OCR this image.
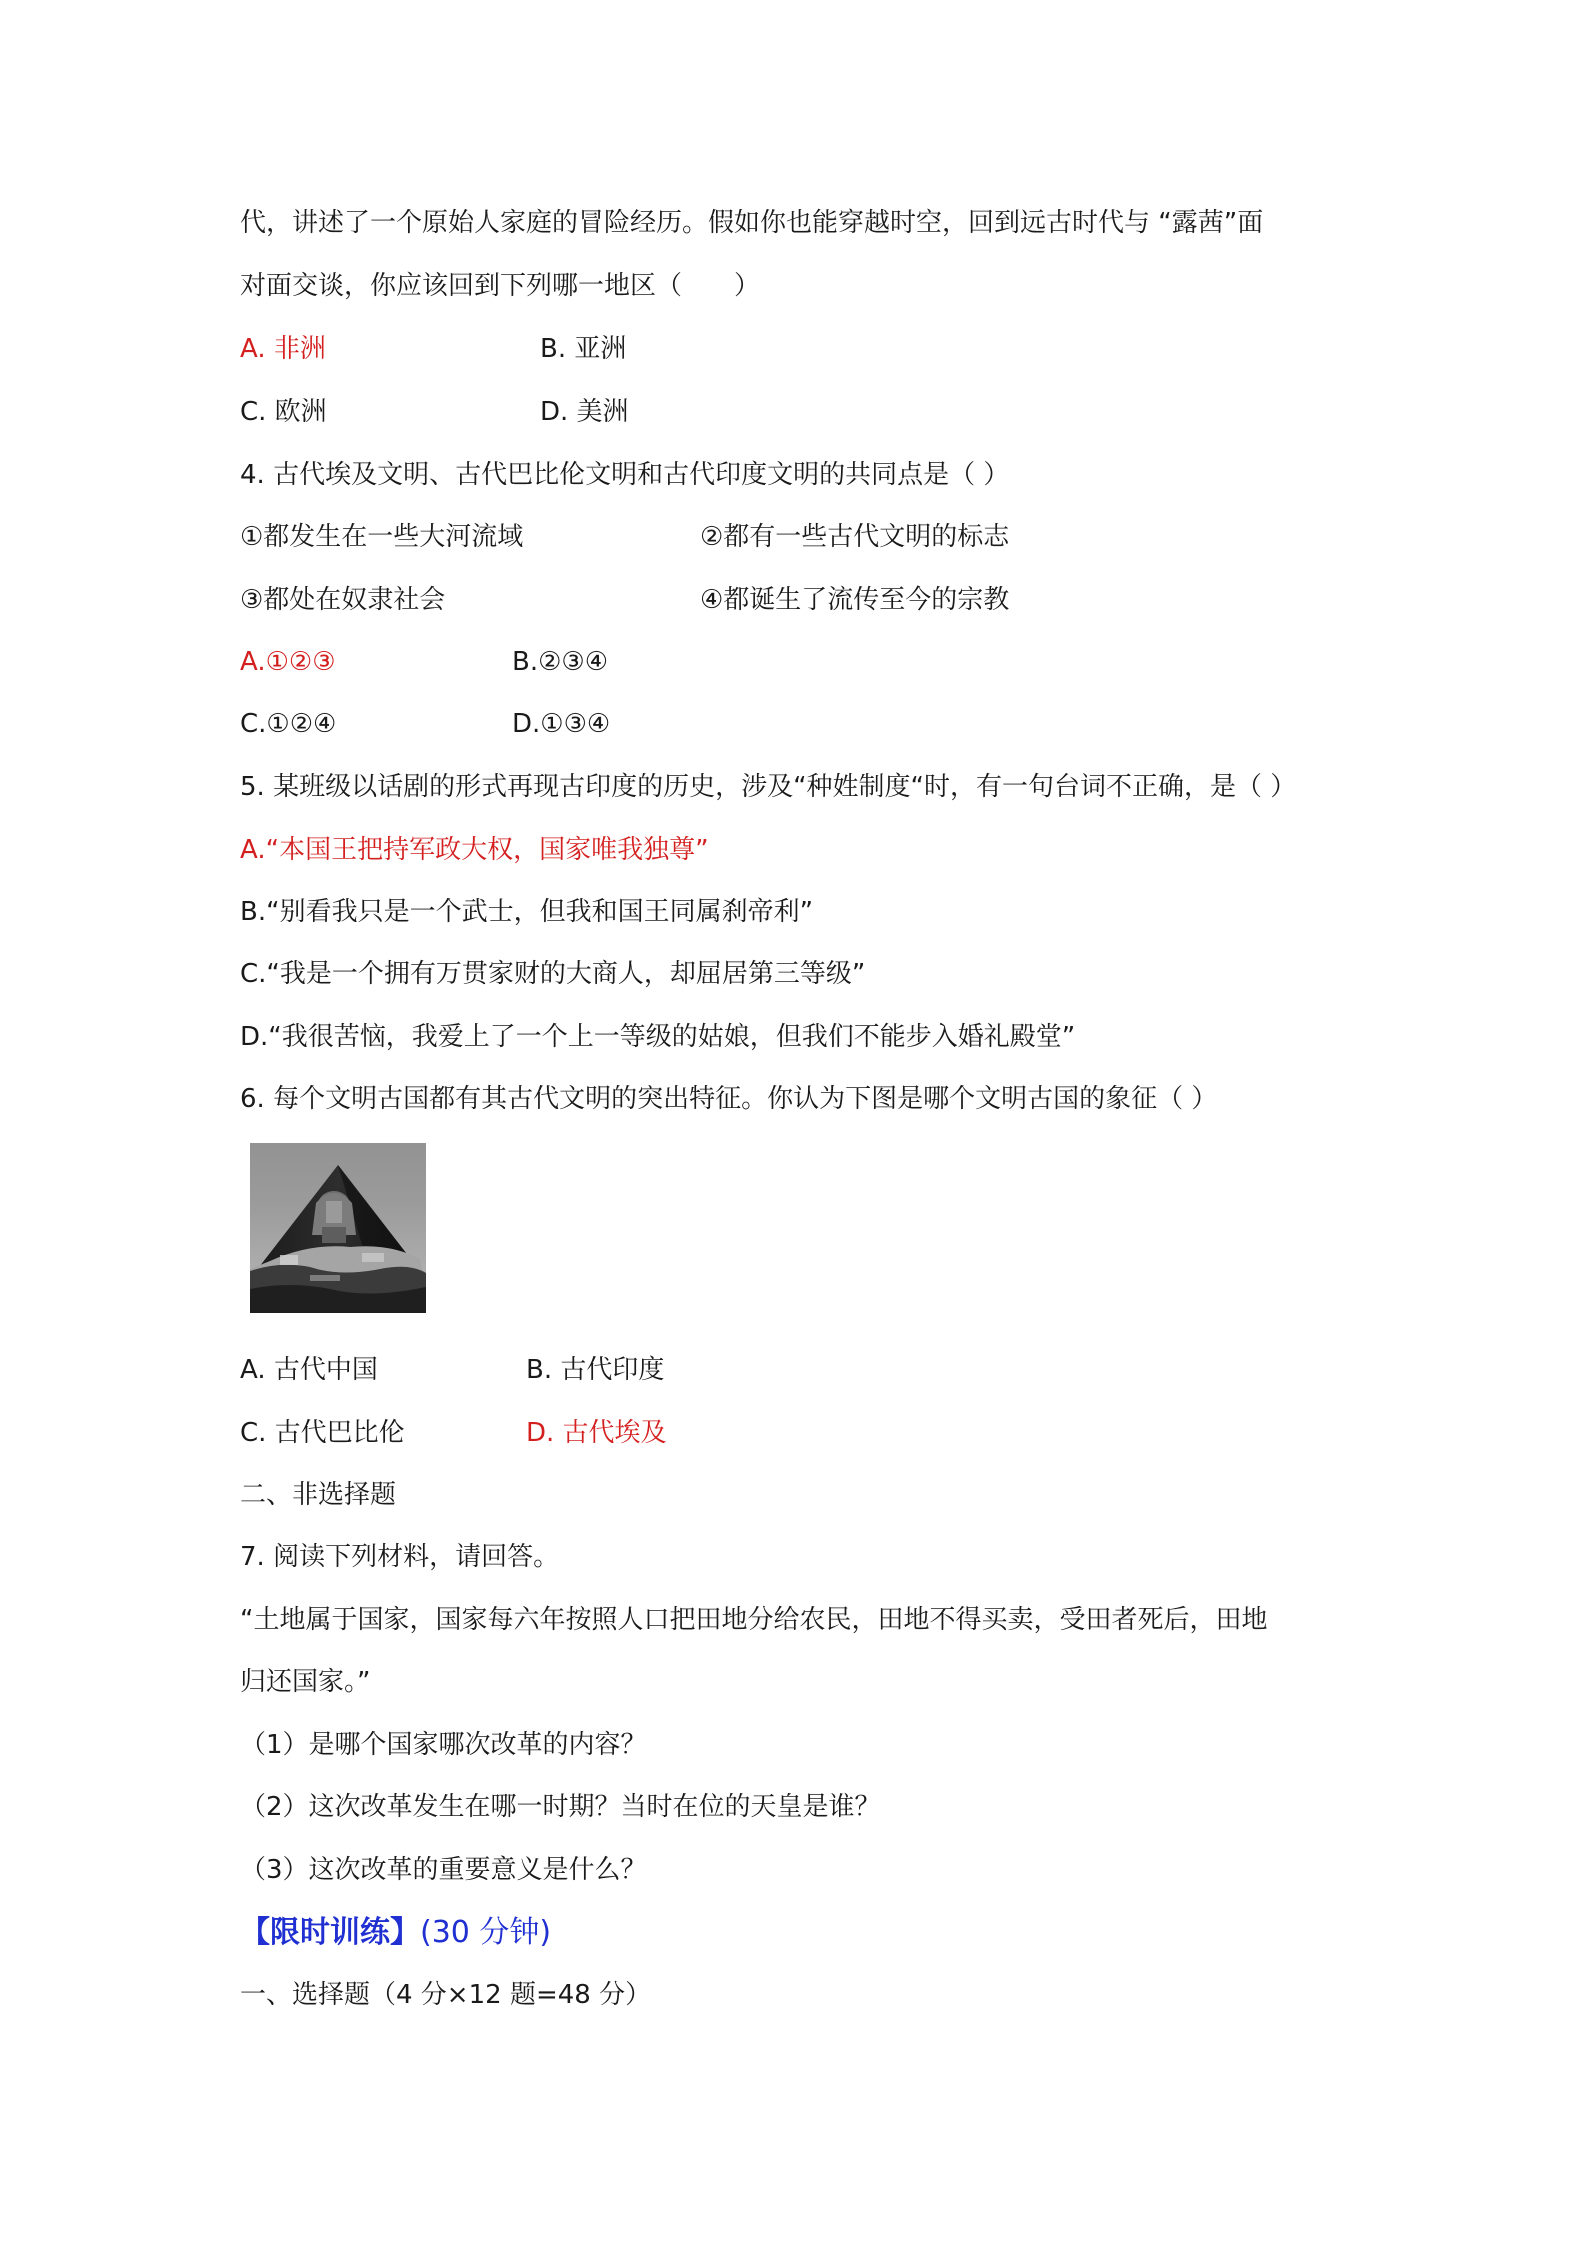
代，讲述了一个原始人家庭的冒险经历。假如你也能穿越时空，回到远古时代与 “露茜”面

对面交谈，你应该回到下列哪一地区（　　）

A. 非洲	B. 亚洲
C. 欧洲	D. 美洲

4. 古代埃及文明、古代巴比伦文明和古代印度文明的共同点是（ ）

①都发生在一些大河流域	②都有一些古代文明的标志
③都处在奴隶社会	④都诞生了流传至今的宗教
A.①②③	B.②③④
C.①②④	D.①③④

5. 某班级以话剧的形式再现古印度的历史，涉及“种姓制度“时，有一句台词不正确，是（ ）

A.“本国王把持军政大权，国家唯我独尊”

B.“别看我只是一个武士，但我和国王同属刹帝利”

C.“我是一个拥有万贯家财的大商人，却屈居第三等级”

D.“我很苦恼，我爱上了一个上一等级的姑娘，但我们不能步入婚礼殿堂”

6. 每个文明古国都有其古代文明的突出特征。你认为下图是哪个文明古国的象征（ ）

A. 古代中国	B. 古代印度
C. 古代巴比伦	D. 古代埃及

二、非选择题

7. 阅读下列材料，请回答。

“土地属于国家，国家每六年按照人口把田地分给农民，田地不得买卖，受田者死后，田地

归还国家。”

（1）是哪个国家哪次改革的内容？

（2）这次改革发生在哪一时期？当时在位的天皇是谁？

（3）这次改革的重要意义是什么？

【限时训练】(30 分钟)

一、选择题（4 分×12 题=48 分）
